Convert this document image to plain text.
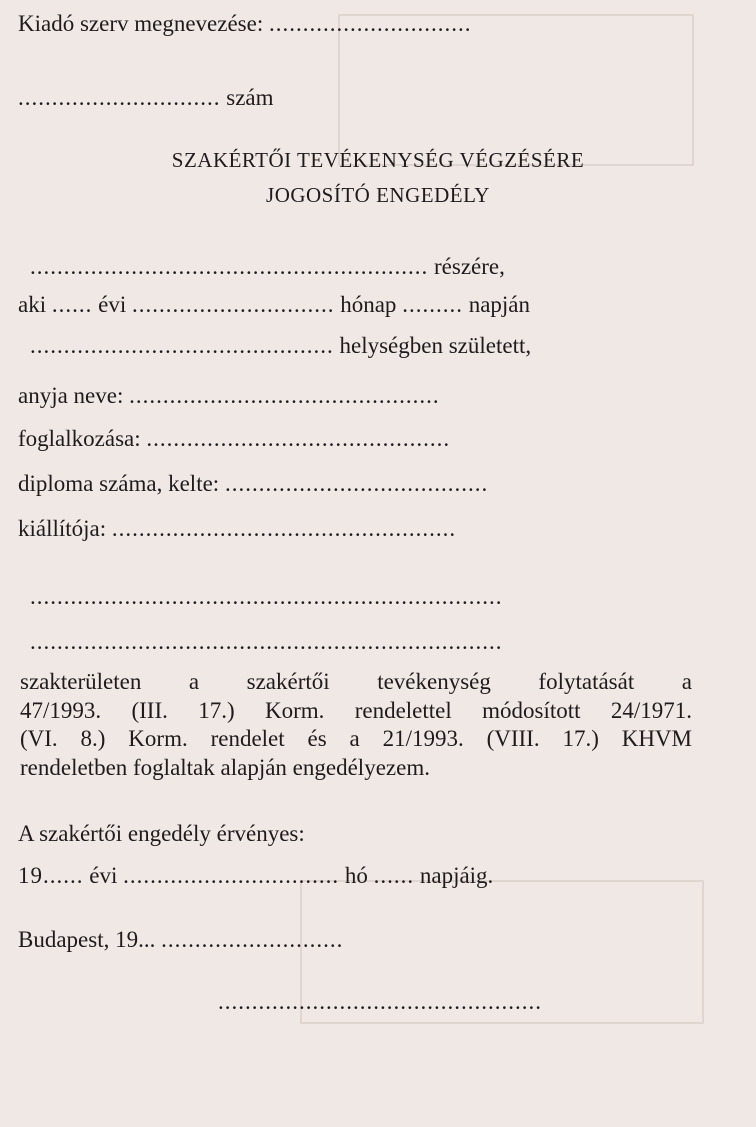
Kiadó szerv megnevezése: ..............................
.............................. szám
SZAKÉRTŐI TEVÉKENYSÉG VÉGZÉSÉRE
JOGOSÍTÓ ENGEDÉLY
........................................................... részére,
aki ...... évi .............................. hónap ......... napján
............................................. helységben született,
anyja neve: ..............................................
foglalkozása: .............................................
diploma száma, kelte: .......................................
kiállítója: ...................................................
......................................................................
......................................................................
szakterületen a szakértői tevékenység folytatását a
47/1993. (III. 17.) Korm. rendelettel módosított 24/1971.
(VI. 8.) Korm. rendelet és a 21/1993. (VIII. 17.) KHVM
rendeletben foglaltak alapján engedélyezem.
A szakértői engedély érvényes:
19...... évi ................................ hó ...... napjáig.
Budapest, 19... ...........................
................................................
